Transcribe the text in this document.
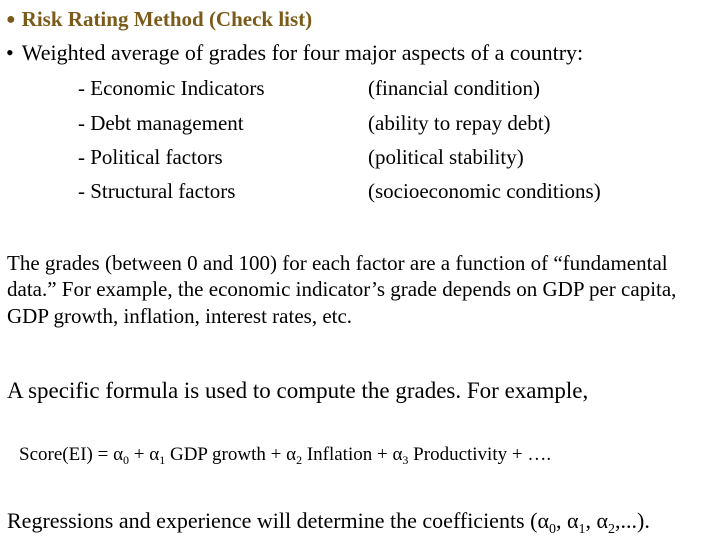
● Risk Rating Method (Check list)
• Weighted average of grades for four major aspects of a country:
- Economic Indicators	(financial condition)
- Debt management	(ability to repay debt)
- Political factors	(political stability)
- Structural factors	(socioeconomic conditions)
The grades (between 0 and 100) for each factor are a function of “fundamental data.” For example, the economic indicator’s grade depends on GDP per capita, GDP growth, inflation, interest rates, etc.
A specific formula is used to compute the grades. For example,
Score(EI) = $\alpha_0 + \alpha_1$ GDP growth + $\alpha_2$ Inflation + $\alpha_3$ Productivity + ….
Regressions and experience will determine the coefficients ($\alpha_0$, $\alpha_1$, $\alpha_2$,...).
